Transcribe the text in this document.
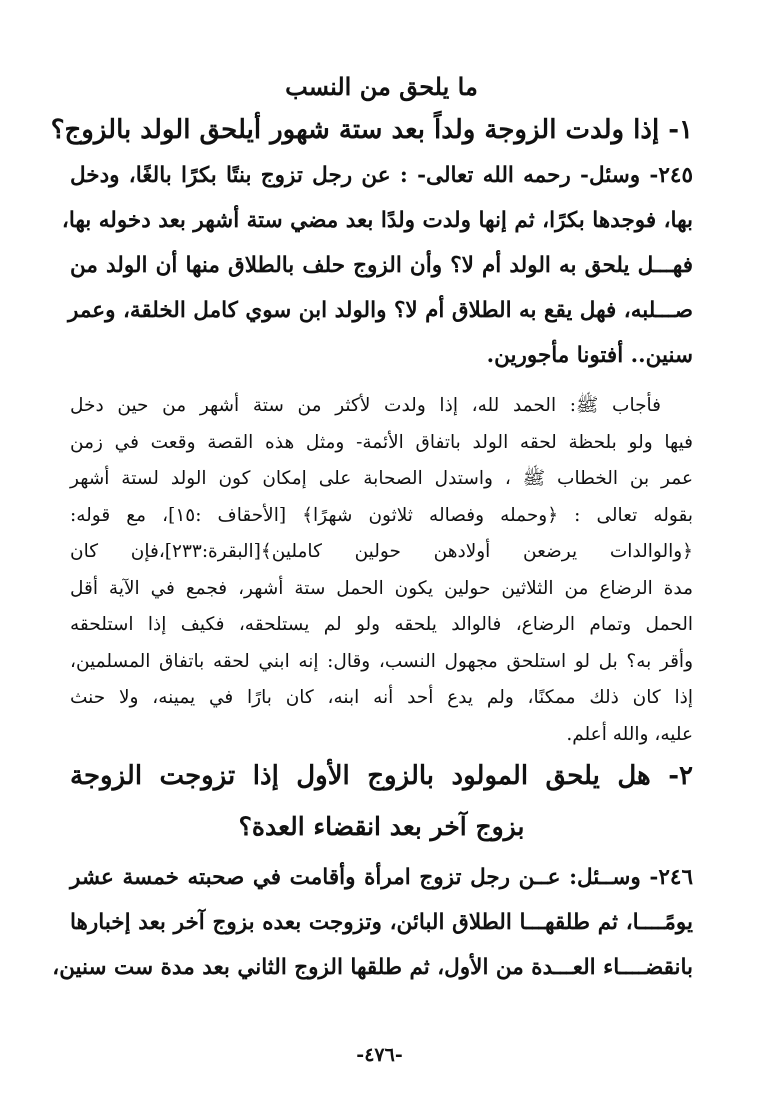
ما يلحق من النسب
١- إذا ولدت الزوجة ولداً بعد ستة شهور أيلحق الولد بالزوج؟

٢٤٥- وسئل- رحمه الله تعالى- : عن رجل تزوج بنتًا بكرًا بالغًا، ودخل

بها، فوجدها بكرًا، ثم إنها ولدت ولدًا بعد مضي ستة أشهر بعد دخوله بها،

فهـــل يلحق به الولد أم لا؟ وأن الزوج حلف بالطلاق منها أن الولد من

صـــلبه، فهل يقع به الطلاق أم لا؟ والولد ابن سوي كامل الخلقة، وعمر

سنين.. أفتونا مأجورين.

فأجاب ﷺ: الحمد لله، إذا ولدت لأكثر من ستة أشهر من حين دخل

فيها ولو بلحظة لحقه الولد باتفاق الأئمة- ومثل هذه القصة وقعت في زمن

عمر بن الخطاب ﷺ ، واستدل الصحابة على إمكان كون الولد لستة أشهر

بقوله تعالى : ﴿وحمله وفصاله ثلاثون شهرًا﴾ [الأحقاف :١٥]، مع قوله:

﴿والوالدات يرضعن أولادهن حولين كاملين﴾[البقرة:٢٣٣]،فإن كان

مدة الرضاع من الثلاثين حولين يكون الحمل ستة أشهر، فجمع في الآية أقل

الحمل وتمام الرضاع، فالوالد يلحقه ولو لم يستلحقه، فكيف إذا استلحقه

وأقر به؟ بل لو استلحق مجهول النسب، وقال: إنه ابني لحقه باتفاق المسلمين،

إذا كان ذلك ممكنًا، ولم يدع أحد أنه ابنه، كان بارًا في يمينه، ولا حنث

عليه، والله أعلم.

٢- هل يلحق المولود بالزوج الأول إذا تزوجت الزوجة

بزوج آخر بعد انقضاء العدة؟

٢٤٦- وســئل: عــن رجل تزوج امرأة وأقامت في صحبته خمسة عشر

يومًــــا، ثم طلقهـــا الطلاق البائن، وتزوجت بعده بزوج آخر بعد إخبارها

بانقضــــاء العـــدة من الأول، ثم طلقها الزوج الثاني بعد مدة ست سنين،

-٤٧٦-
